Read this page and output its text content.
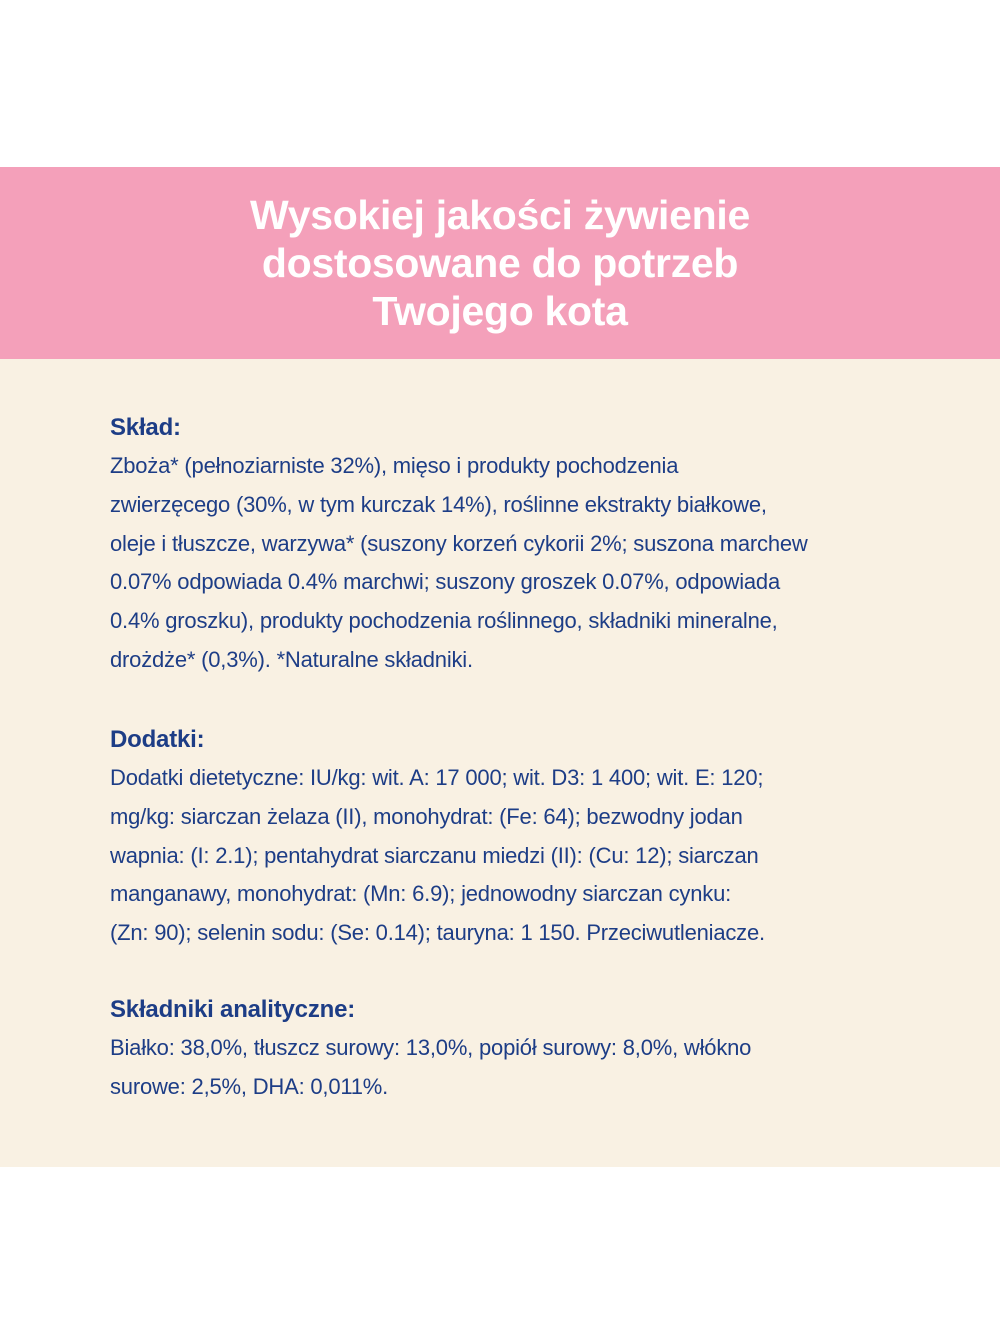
Wysokiej jakości żywienie
dostosowane do potrzeb
Twojego kota
Skład:

Zboża* (pełnoziarniste 32%), mięso i produkty pochodzenia
zwierzęcego (30%, w tym kurczak 14%), roślinne ekstrakty białkowe,
oleje i tłuszcze, warzywa* (suszony korzeń cykorii 2%; suszona marchew
0.07% odpowiada 0.4% marchwi; suszony groszek 0.07%, odpowiada
0.4% groszku), produkty pochodzenia roślinnego, składniki mineralne,
drożdże* (0,3%). *Naturalne składniki.

Dodatki:

Dodatki dietetyczne: IU/kg: wit. A: 17 000; wit. D3: 1 400; wit. E: 120;
mg/kg: siarczan żelaza (II), monohydrat: (Fe: 64); bezwodny jodan
wapnia: (I: 2.1); pentahydrat siarczanu miedzi (II): (Cu: 12); siarczan
manganawy, monohydrat: (Mn: 6.9); jednowodny siarczan cynku:
(Zn: 90); selenin sodu: (Se: 0.14); tauryna: 1 150. Przeciwutleniacze.

Składniki analityczne:

Białko: 38,0%, tłuszcz surowy: 13,0%, popiół surowy: 8,0%, włókno
surowe: 2,5%, DHA: 0,011%.
